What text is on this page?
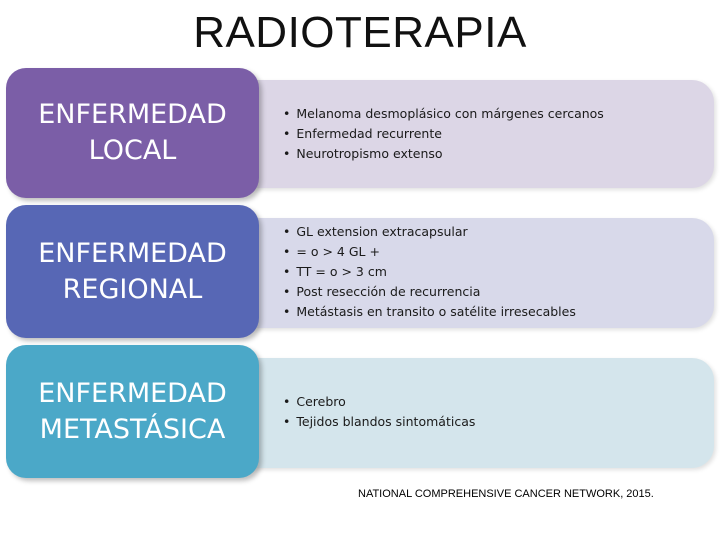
RADIOTERAPIA
ENFERMEDAD
LOCAL
• Melanoma desmoplásico con márgenes cercanos
• Enfermedad recurrente
• Neurotropismo extenso
ENFERMEDAD
REGIONAL
• GL extension extracapsular
• = o > 4 GL +
• TT = o > 3 cm
• Post resección de recurrencia
• Metástasis en transito o satélite irresecables
ENFERMEDAD
METASTÁSICA
• Cerebro
• Tejidos blandos sintomáticas
NATIONAL COMPREHENSIVE CANCER NETWORK, 2015.
